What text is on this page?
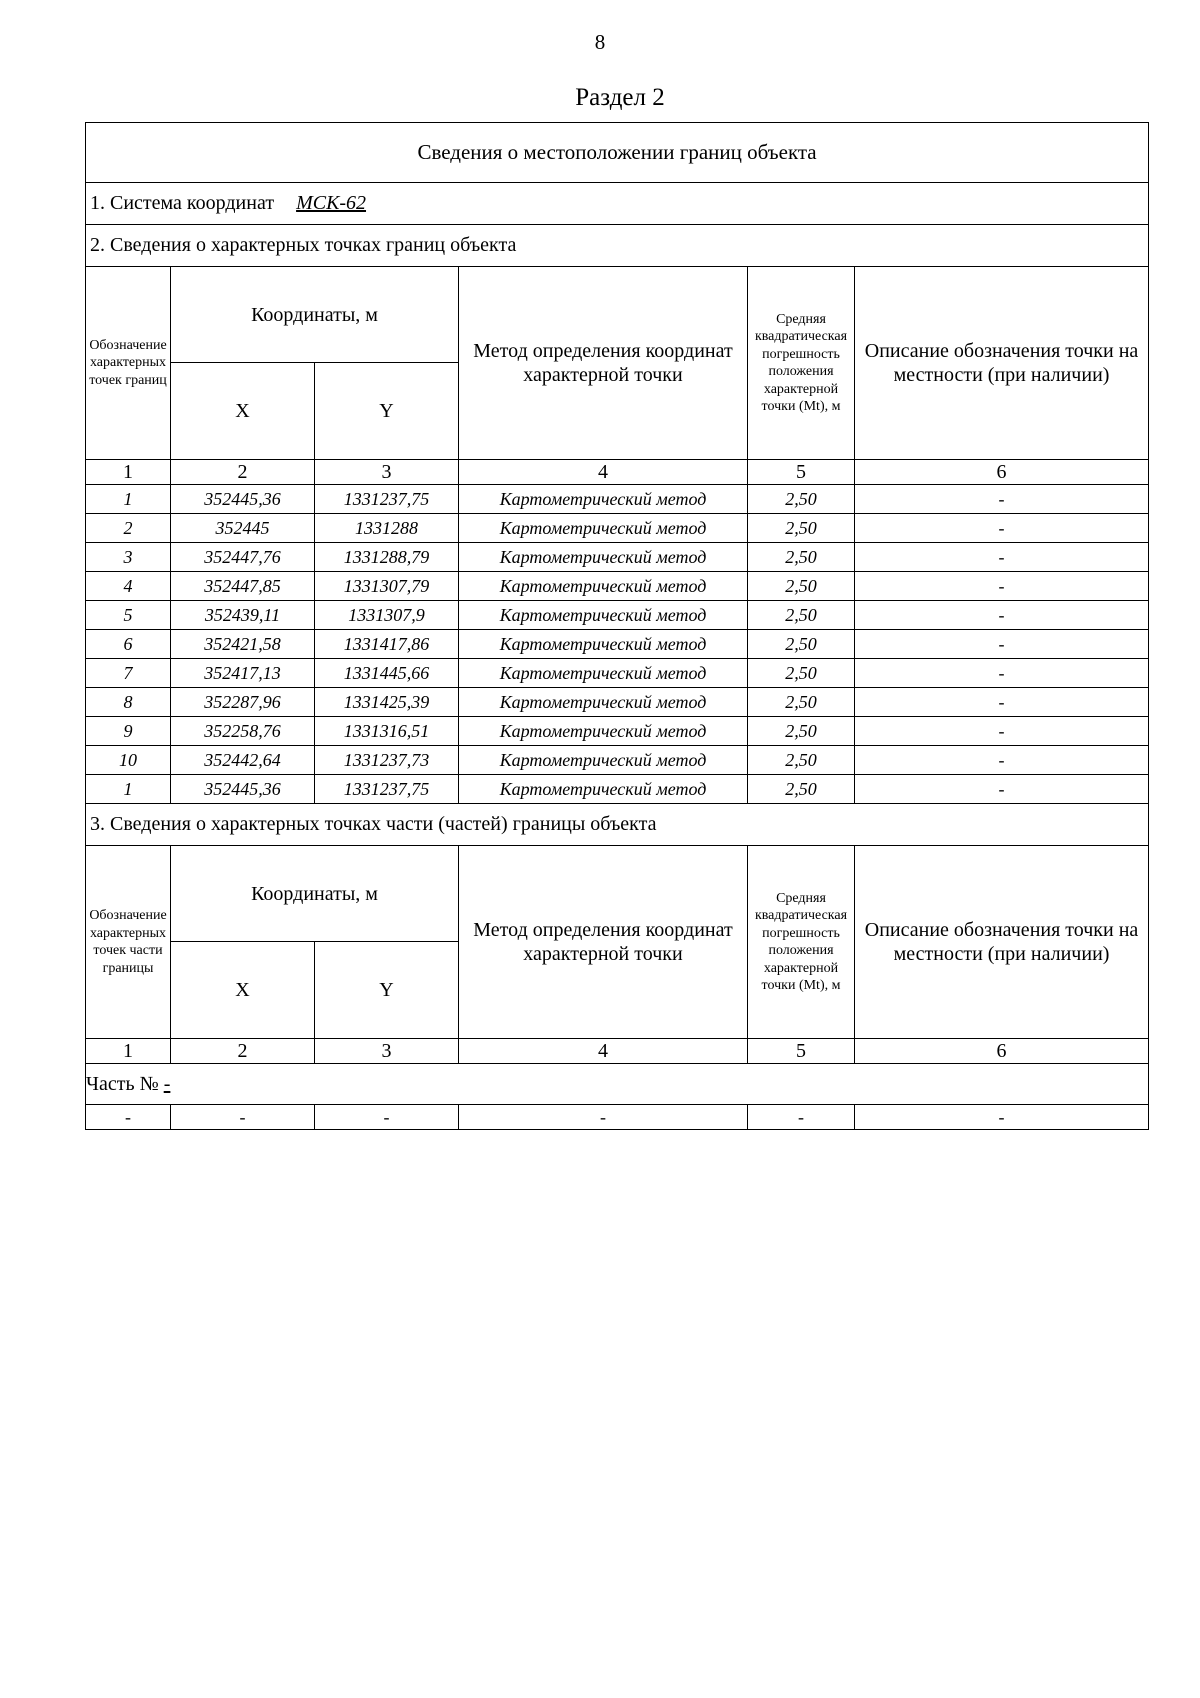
8
Раздел 2
Сведения о местоположении границ объекта					
1. Система координат МСК-62					
2. Сведения о характерных точках границ объекта					
Обозначение характерных точек границ	Координаты, м		Метод определения координат характерной точки	Средняя квадратическая погрешность положения характерной точки (Mt), м	Описание обозначения точки на местности (при наличии)
	X	Y			
1	2	3	4	5	6
1	352445,36	1331237,75	Картометрический метод	2,50	-
2	352445	1331288	Картометрический метод	2,50	-
3	352447,76	1331288,79	Картометрический метод	2,50	-
4	352447,85	1331307,79	Картометрический метод	2,50	-
5	352439,11	1331307,9	Картометрический метод	2,50	-
6	352421,58	1331417,86	Картометрический метод	2,50	-
7	352417,13	1331445,66	Картометрический метод	2,50	-
8	352287,96	1331425,39	Картометрический метод	2,50	-
9	352258,76	1331316,51	Картометрический метод	2,50	-
10	352442,64	1331237,73	Картометрический метод	2,50	-
1	352445,36	1331237,75	Картометрический метод	2,50	-
3. Сведения о характерных точках части (частей) границы объекта					
Обозначение характерных точек части границы	Координаты, м		Метод определения координат характерной точки	Средняя квадратическая погрешность положения характерной точки (Mt), м	Описание обозначения точки на местности (при наличии)
	X	Y			
1	2	3	4	5	6
Часть № -					
-	-	-	-	-	-
